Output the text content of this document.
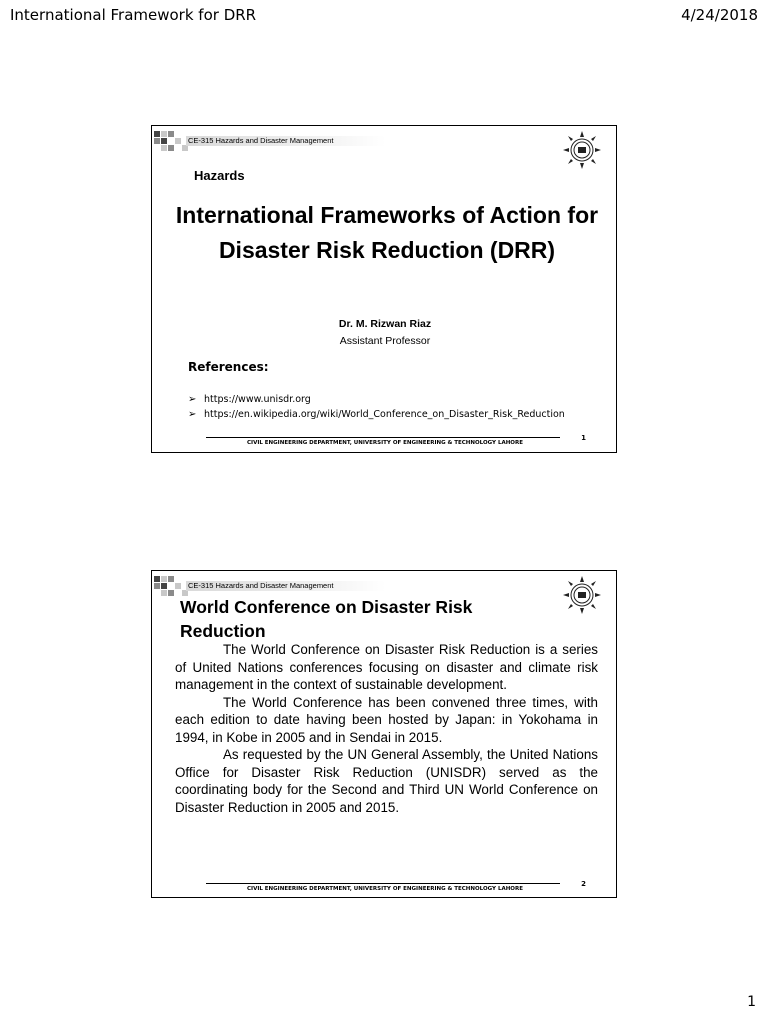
International Framework for DRR	4/24/2018
CE-315 Hazards and Disaster Management
Hazards
International Frameworks of Action for Disaster Risk Reduction (DRR)
Dr. M. Rizwan Riaz
Assistant Professor
References:
➢ https://www.unisdr.org
➢ https://en.wikipedia.org/wiki/World_Conference_on_Disaster_Risk_Reduction
CIVIL ENGINEERING DEPARTMENT, UNIVERSITY OF ENGINEERING & TECHNOLOGY LAHORE
1
CE-315 Hazards and Disaster Management
World Conference on Disaster Risk Reduction

The World Conference on Disaster Risk Reduction is a series of United Nations conferences focusing on disaster and climate risk management in the context of sustainable development.

The World Conference has been convened three times, with each edition to date having been hosted by Japan: in Yokohama in 1994, in Kobe in 2005 and in Sendai in 2015.

As requested by the UN General Assembly, the United Nations Office for Disaster Risk Reduction (UNISDR) served as the coordinating body for the Second and Third UN World Conference on Disaster Reduction in 2005 and 2015.

CIVIL ENGINEERING DEPARTMENT, UNIVERSITY OF ENGINEERING & TECHNOLOGY LAHORE
2
1
